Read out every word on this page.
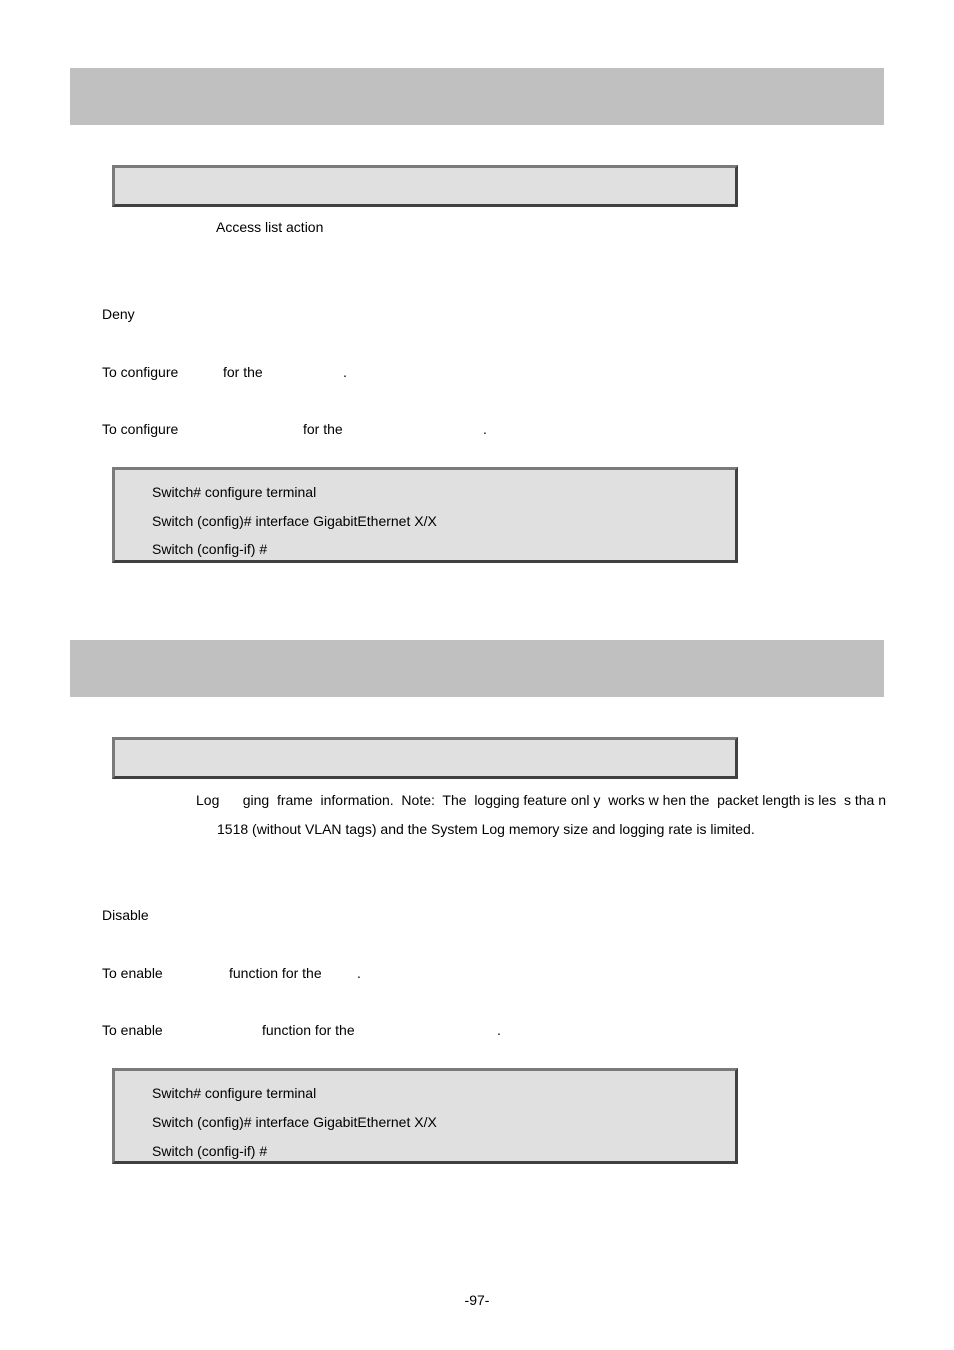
Access list action
Deny
To configure	for the	.
To configure	for the	.
Switch# configure terminal
Switch (config)# interface GigabitEthernet X/X
Switch (config-if) #
Log      ging  frame  information.  Note:  The  logging feature onl y  works w hen the  packet length is les  s tha n
1518 (without VLAN tags) and the System Log memory size and logging rate is limited.
Disable
To enable	function for the	.
To enable	function for the	.
Switch# configure terminal
Switch (config)# interface GigabitEthernet X/X
Switch (config-if) #
-97-
